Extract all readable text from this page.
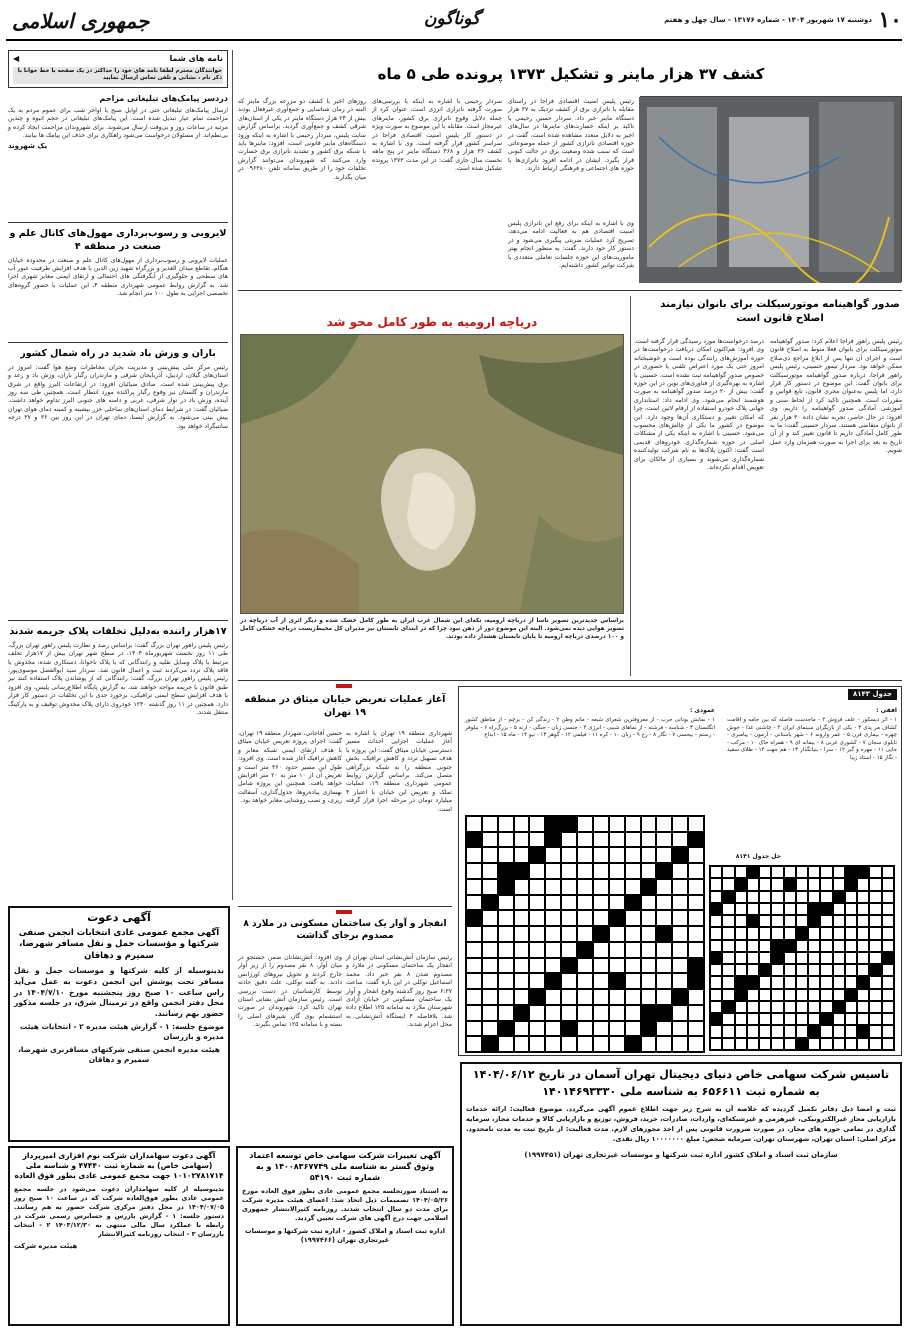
۱۰
دوشنبه ۱۷ شهریور ۱۴۰۴ - شماره ۱۳۱۷۶ - سال چهل و هفتم
گوناگون
جمهوری اسلامی
نامه های شما
◀
خوانندگان محترم لطفا نامه های خود را حداکثر در یک صفحه با خط خوانا با ذکر نام ، نشانی و تلفن تماس ارسال نمایید
دردسر پیامک‌های تبلیغاتی مزاحم

ارسال پیامک‌های تبلیغاتی حتی در اوایل صبح یا اواخر شب برای عموم مردم به یک مزاحمت تمام عیار تبدیل شده است. این پیامک‌های تبلیغاتی در حجم انبوه و چندین مرتبه در ساعات روز و بی‌وقت ارسال می‌شوند. برای شهروندان مزاحمت ایجاد کرده و بی‌نظم‌اند. از مسئولان درخواست می‌شود راهکاری برای حذف این پیامک ها بیابند.

یک شهروند
لایروبی و رسوب‌برداری مهول‌های کانال علم و صنعت در منطقه ۴

عملیات لایروبی و رسوب‌برداری از مهول‌های کانال علم و صنعت در محدوده خیابان هنگام، تقاطع میدان الغدیر و بزرگراه شهید زین الدین با هدف افزایش ظرفیت عبور آب های سطحی و جلوگیری از آبگرفتگی های احتمالی و ارتقای ایمنی معابر شهری اجرا شد. به گزارش روابط عمومی شهرداری منطقه ۴، این عملیات با حضور گروه‌های تخصصی اجرایی به طول ۱۰۰ متر انجام شد.

باران و وزش باد شدید در راه شمال کشور

رئیس مرکز ملی پیش‌بینی و مدیریت بحران مخاطرات وضع هوا گفت: امروز در استان‌های گیلان، اردبیل، آذربایجان شرقی و مازندران رگبار باران، وزش باد و رعد و برق پیش‌بینی شده است. صادق ضیائیان افزود: در ارتفاعات البرز واقع در شرق مازندران و گلستان نیز وقوع رگبار پراکنده مورد انتظار است. همچنین طی سه روز آینده، وزش باد در نوار شرقی، غربی و دامنه های جنوبی البرز تداوم خواهد داشت. ضیائیان گفت: در شرایط دمای استان‌های ساحلی خزر بیشینه و کمینه دمای هوای تهران پیش بینی می‌شود. به گزارش ایسنا، دمای تهران در این روز بین ۳۶ و ۳۷ درجه سانتیگراد خواهد بود.

۱۷هزار راننده به‌دلیل تخلفات پلاک جریمه شدند

رئیس پلیس راهور تهران بزرگ گفت: براساس رصد و نظارت پلیس راهور تهران بزرگ، طی ۱۱ روز نخست شهریورماه ۱۴۰۴، در سطح شهر تهران بیش از ۱۷هزار تخلف مرتبط با پلاک وسایل نقلیه و رانندگانی که با پلاک ناخوانا، دستکاری شده، مخدوش یا فاقد پلاک تردد می‌کردند ثبت و اعمال قانون شد. سردار سید ابوالفضل موسوی‌پور، رئیس پلیس راهور تهران بزرگ، گفت: رانندگانی که از پوشاندن پلاک استفاده کنند نیز طبق قانون با جریمه مواجه خواهند شد. به گزارش پایگاه اطلاع‌رسانی پلیس، وی افزود با هدف افزایش سطح ایمنی ترافیکی، برخورد جدی با این تخلفات در دستور کار قرار دارد. همچنین در ۱۱ روز گذشته ۱۲۴۰ خودروی دارای پلاک مخدوش توقیف و به پارکینگ منتقل شدند.

کشف ۳۷ هزار ماینر و تشکیل ۱۳۷۳ پرونده طی ۵ ماه

رئیس پلیس امنیت اقتصادی فراجا در راستای مقابله با ناترازی برق از کشف نزدیک به ۳۷ هزار دستگاه ماینر خبر داد. سردار حسین رحیمی با تاکید بر اینکه خسارت‌های ماینرها در سال‌های اخیر به دلایل متعدد مشاهده شده است، گفت در حوزه اقتصادی ناترازی کشور از جمله موضوعاتی است که سبب شده وضعیت برق در حالت کنونی قرار بگیرد. ایشان در ادامه افزود ناترازی‌ها با حوزه های اجتماعی و فرهنگی ارتباط دارند.

وی با اشاره به اینکه برای رفع این ناترازی پلیس امنیت اقتصادی هم به فعالیت ادامه می‌دهد، تصریح کرد عملیات ضربتی پیگیری می‌شود و در دستور کار خود دارند. گفت: به منظور انجام بهتر ماموریت‌های این حوزه جلسات تعاملی متعددی با شرکت توانیر کشور داشته‌ایم.

سردار رحیمی با اشاره به اینکه با بررسی‌های صورت گرفته ناترازی انرژی است، عنوان کرد از جمله دلایل وقوع ناترازی برق کشور، ماینرهای غیرمجاز است. مقابله با این موضوع به صورت ویژه در دستور کار پلیس امنیت اقتصادی فراجا در سراسر کشور قرار گرفته است. وی با اشاره به کشف ۳۶ هزار و ۴۶۸ دستگاه ماینر در پنج ماهه نخست سال جاری گفت: در این مدت ۱۳۷۳ پرونده تشکیل شده است.

روزهای اخیر با کشف دو مزرعه بزرگ ماینر که البته در زمان شناسایی و جمع‌آوری غیرفعال بودند بیش از ۲۴ هزار دستگاه ماینر در یکی از استان‌های شرقی کشف و جمع‌آوری گردید. براساس گزارش سایت پلیس، سردار رحیمی با اشاره به اینکه ورود دستگاه‌های ماینر قانونی است، افزود: ماینرها باید با شبکه برق کشور و تشدید ناترازی برق خسارت وارد می‌کنند که شهروندان می‌توانند گزارش تخلفات خود را از طریق سامانه تلفن ۰۹۶۳۸۰ در میان بگذارند.

صدور گواهینامه موتورسیکلت برای بانوان نیازمند اصلاح قانون است

رئیس پلیس راهور فراجا اعلام کرد: صدور گواهینامه موتورسیکلت برای بانوان فعلا منوط به اصلاح قانون است و اجرای آن تنها پس از ابلاغ مراجع ذی‌صلاح ممکن خواهد بود. سردار تیمور حسینی، رئیس پلیس راهور فراجا، درباره صدور گواهینامه موتورسیکلت برای بانوان گفت: این موضوع در دستور کار قرار دارد، اما پلیس به‌عنوان مجری قانون، تابع قوانین و مقررات است. همچنین تاکید کرد از لحاظ سنی و آموزشی آمادگی صدور گواهینامه را داریم. وی افزود: در حال حاضر، تجربه نشان داده ۳۰ هزار نفر از بانوان متقاضی هستند. سردار حسینی گفت: ما به طور کامل آمادگی داریم تا قانون تغییر کند و از آن تاریخ به بعد برای اجرا به صورت همزمان وارد عمل شویم.

درصد درخواست‌ها مورد رسیدگی قرار گرفته است. وی افزود: هم‌اکنون امکان دریافت درخواست‌ها در حوزه آموزش‌های رانندگی بوده است و خوشبختانه امروز حتی یک مورد اعتراض تلفنی یا حضوری در خصوص صدور گواهینامه ثبت نشده است. حسینی با اشاره به بهره‌گیری از فناوری‌های نوین در این حوزه گفت: بیش از ۲۰ درصد صدور گواهینامه به صورت هوشمند انجام می‌شود. وی ادامه داد: استانداری جهانی پلاک خودرو استفاده از ارقام لاتین است، چرا که امکان تغییر و دستکاری آن‌ها وجود دارد. این موضوع در کشور ما یکی از چالش‌های محسوب می‌شود. حسینی با اشاره به اینکه یکی از مشکلات اصلی در حوزه شماره‌گذاری خودروهای قدیمی است گفت: اکنون پلاک‌ها به نام شرکت تولیدکننده شماره‌گذاری می‌شوند و بسیاری از مالکان برای تعویض اقدام نکرده‌اند.

دریاچه ارومیه به طور کامل محو شد

براساس جدیدترین تصویر ناسا از دریاچه ارومیه، تکه‌ای این شمال غرب ایران به طور کامل خشک شده و دیگر اثری از آب دریاچه در تصویر هوایی دیده نمی‌شود. البته این موضوع دور از ذهن نبود چرا که در ابتدای تابستان نیز مدیران کل محیط‌زیست دریاچه خشکی کامل و ۱۰۰ درصدی دریاچه ارومیه تا پایان تابستان هشدار داده بودند.

جدول ۸۱۴۳
افقی :

۱ - اثر دیسکور - علف فروش ۲ - ماجدست فاصله که بین جامه و اقامت کشاف مر پدی ۳ - یکی از بازیگران سینمای ایران ۴ - چاشنی غذا - خوش چهره - بیماری قرن ۵ - عمر وارونه ۶ - شهر باستانی - آزمون - پیامبری - تابلوی سجان ۷ - کشوری غربی ۸ - بیمانه ای ۹ - همراه خاک ۱۰ - مرکب - جایی ۱۱ - مهره و گیر ۱۲ - سرا - بنیانگذار ۱۳ - هم جهت ۱۴ - طلای سفید - نگار ۱۵ - استاد زیبا

عمودی :

۱ - نمایش یونانی جرب - از معروفترین شعرای شیعه - ماتم وطن ۲ - زندگی کن - برچم - از مناطق کشور انگلستان ۳ - شناسه - فرشته - از نماهای شیبی - انرژی ۴ - جنسی زبان - جنگی - ارنه ۵ - بزرگ‌راه ۶ - نیلوفر - رستم - بیحسی ۷ - نگار ۸ - رخ ۹ - زبان ۱۰ - کره ۱۱ - فیلمی ۱۲ - گوهر ۱۳ - نیو ۱۴ - ماه ۱۵ - ابداع

حل جدول ۸۱۴۱
آغاز عملیات تعریض خیابان میثاق در منطقه ۱۹ تهران

شهرداری منطقه ۱۹ تهران با اشاره به آغاز عملیات اجرایی احداث مسیر دسترسی خیابان میثاق گفت: این پروژه با هدف تسهیل تردد و کاهش ترافیک، بخش جنوبی منطقه را به شبکه بزرگراهی متصل می‌کند. براساس گزارش روابط عمومی شهرداری منطقه ۱۹، عملیات تملک و تعریض این خیابان با اعتبار ۴ میلیارد تومان در مرحله اجرا قرار گرفته است.

حسین آقاجانی، شهردار منطقه ۱۹ تهران، گفت: اجرای پروژه تعریض خیابان میثاق با هدف ارتقای ایمنی شبکه معابر و کاهش ترافیک آغاز شده است. وی افزود: طول این مسیر حدود ۳۶۰ متر است و تعریض آن از ۱۰ متر به ۲۰ متر افزایش خواهد یافت. همچنین این پروژه شامل بهسازی پیاده‌روها، جدول‌گذاری، آسفالت ریزی، و نصب روشنایی معابر خواهد بود.

انفجار و آوار یک ساختمان مسکونی در ملارد ۸ مصدوم برجای گذاشت

رئیس سازمان آتش‌نشانی استان تهران از انفجار یک ساختمان مسکونی در ملارد و مصدوم شدن ۸ نفر خبر داد. محمد اسماعیل توکلی در این باره گفت: ساعت ۶:۳۷ صبح روز گذشته وقوع انفجار و آوار یک ساختمان مسکونی در خیابان آزادی شهرستان ملارد به سامانه ۱۲۵ اطلاع داده شد. بلافاصله ۴ ایستگاه آتش‌نشانی به محل اعزام شدند.

وی افزود: آتش‌نشانان ضمن جستجو در میان آوار، ۸ نفر مصدوم را از زیر آوار خارج کردند و تحویل نیروهای اورژانس دادند. به گفته توکلی، علت دقیق حادثه توسط کارشناسان در دست بررسی است. رئیس سازمان آتش نشانی استان تهران تاکید کرد: شهروندان در صورت استشمام بوی گاز، شیرهای اصلی را بسته و با سامانه ۱۲۵ تماس بگیرند.

آگهی دعوت
آگهی مجمع عمومی عادی انتخابات انجمن صنفی شرکتها و مؤسسات حمل و نقل مسافر شهرضا، سمیرم و دهاقان

بدینوسیله از کلیه شرکتها و موسسات حمل و نقل مسافر تحت پوشش این انجمن دعوت به عمل می‌آید راس ساعت ۱۰ صبح روز پنجشنبه مورخ ۱۴۰۴/۷/۱۰ در محل دفتر انجمن واقع در ترمینال شرق، در جلسه مذکور حضور بهم رسانند.

موضوع جلسه: ۱ - گزارش هیئت مدیره ۲ - انتخابات هیئت مدیره و بازرسان

هیئت مدیره انجمن صنفی شرکتهای مسافربری شهرضا، سمیرم و دهاقان

آگهی دعوت سهامداران شرکت نوم افزاری امیرپرداز (سهامی خاص) به شماره ثبت ۴۷۴۴۰ و شناسه ملی ۱۰۱۰۲۷۸۱۷۱۴ جهت مجمع عمومی عادی بطور فوق العاده

بدینوسیله از کلیه سهامداران دعوت می‌شود در جلسه مجمع عمومی عادی بطور فوق‌العاده شرکت که در ساعت ۱۰ صبح روز ۱۴۰۴/۰۷/۰۵ در محل دفتر مرکزی شرکت حضور به هم رسانند. دستور جلسه: ۱ - گزارش بازرس و حسابرس رسمی شرکت در رابطه با عملکرد سال مالی منتهی به ۱۴۰۳/۱۲/۳۰ ۲ - انتخاب بازرسان ۳ - انتخاب روزنامه کثیرالانتشار

هیئت مدیره شرکت

آگهی تغییرات شرکت سهامی خاص توسعه اعتماد وثوق گستر به شناسه ملی ۱۴۰۰۸۳۶۷۷۴۹ و به شماره ثبت ۵۴۱۹۰

به استناد صورتجلسه مجمع عمومی عادی بطور فوق العاده مورخ ۱۴۰۴/۰۵/۲۶ تصمیمات ذیل اتخاذ شد: اعضای هیئت مدیره شرکت برای مدت دو سال انتخاب شدند. روزنامه کثیرالانتشار جمهوری اسلامی جهت درج آگهی های شرکت تعیین گردید.

اداره ثبت اسناد و املاک کشور - اداره ثبت شرکتها و موسسات غیرتجاری تهران (۱۹۹۷۴۶۶)

تاسیس شرکت سهامی خاص دنیای دیجیتال تهران آسمان در تاریخ ۱۴۰۴/۰۶/۱۲ به شماره ثبت ۶۵۶۶۱۱ به شناسه ملی ۱۴۰۱۴۶۹۳۳۳۰

ثبت و امضا ذیل دفاتر تکمیل گردیده که خلاصه آن به شرح زیر جهت اطلاع عموم آگهی می‌گردد. موضوع فعالیت: ارائه خدمات بازاریابی مجاز غیرالکترونیکی، غیرهرمی و غیرشبکه‌ای، واردات، صادرات، خرید، فروش، توزیع و بازاریابی کالا و خدمات مجاز، سرمایه گذاری در تمامی حوزه های مجاز. در صورت ضرورت قانونی پس از اخذ مجوزهای لازم. مدت فعالیت: از تاریخ ثبت به مدت نامحدود. مرکز اصلی: استان تهران، شهرستان تهران. سرمایه شخص: مبلغ ۱۰۰۰۰۰۰۰ ریال نقدی.

سازمان ثبت اسناد و املاک کشور اداره ثبت شرکتها و موسسات غیرتجاری تهران (۱۹۹۷۴۵۱)
